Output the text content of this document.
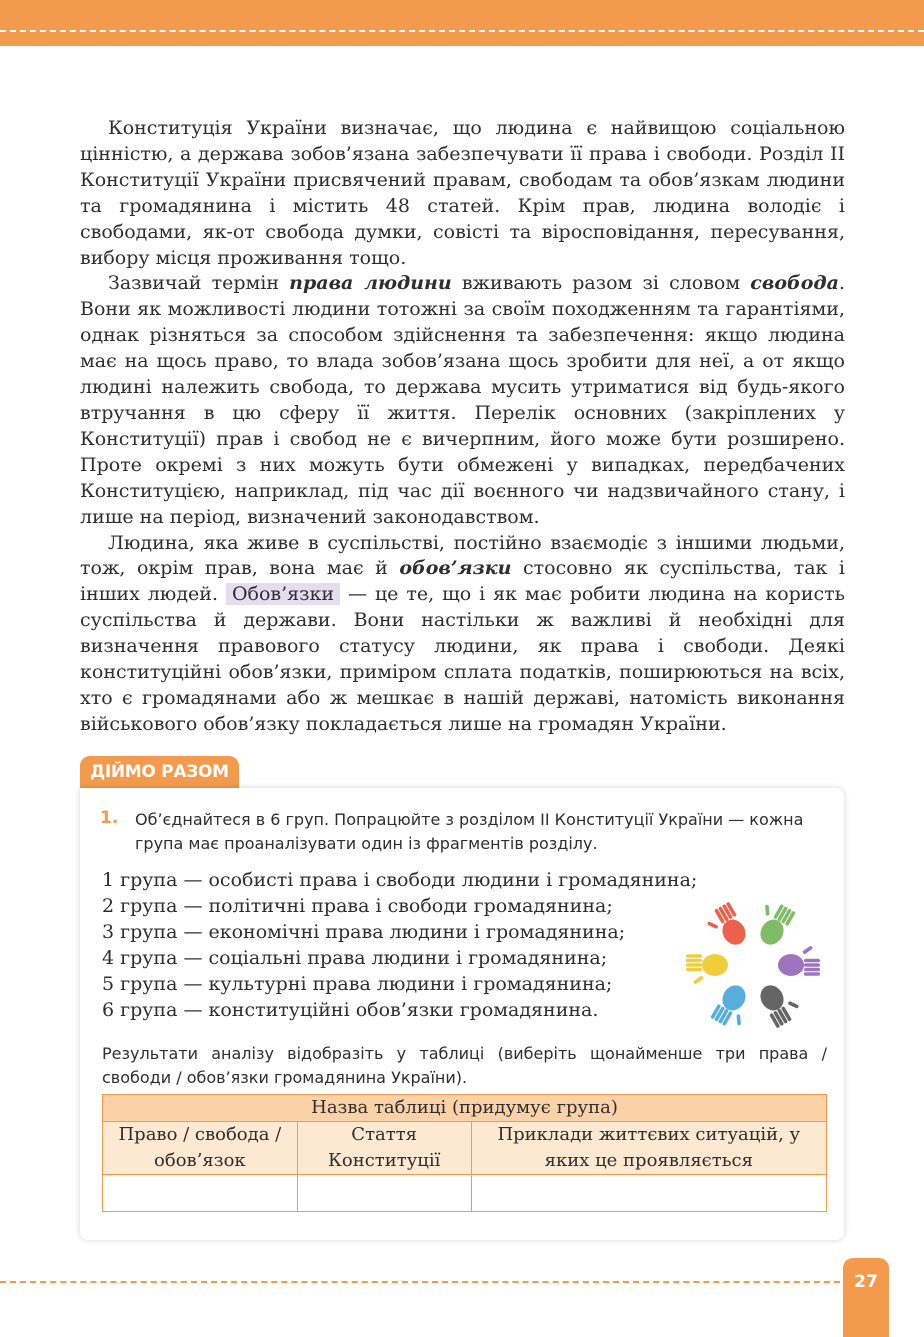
Конституція України визначає, що людина є найвищою соціальною цінністю, а держава зобов’язана забезпечувати її права і свободи. Розділ II Конституції України присвячений правам, свободам та обов’язкам людини та громадянина і містить 48 статей. Крім прав, людина володіє і свободами, як-от свобода думки, совісті та віросповідання, пересування, вибору місця проживання тощо.

Зазвичай термін права людини вживають разом зі словом свобода. Вони як можливості людини тотожні за своїм походженням та гарантіями, однак різняться за способом здійснення та забезпечення: якщо людина має на щось право, то влада зобов’язана щось зробити для неї, а от якщо людині належить свобода, то держава мусить утриматися від будь-якого втручання в цю сферу її життя. Перелік основних (закріплених у Конституції) прав і свобод не є вичерпним, його може бути розширено. Проте окремі з них можуть бути обмежені у випадках, передбачених Конституцією, наприклад, під час дії воєнного чи надзвичайного стану, і лише на період, визначений законодавством.

Людина, яка живе в суспільстві, постійно взаємодіє з іншими людьми, тож, окрім прав, вона має й обов’язки стосовно як суспільства, так і інших людей. Обов’язки — це те, що і як має робити людина на користь суспільства й держави. Вони настільки ж важливі й необхідні для визначення правового статусу людини, як права і свободи. Деякі конституційні обов’язки, приміром сплата податків, поширюються на всіх, хто є громадянами або ж мешкає в нашій державі, натомість виконання військового обов’язку покладається лише на громадян України.

ДІЙМО РАЗОМ
1. Об’єднайтеся в 6 груп. Попрацюйте з розділом II Конституції України — кожна група має проаналізувати один із фрагментів розділу.

1 група — особисті права і свободи людини і громадянина;
2 група — політичні права і свободи громадянина;
3 група — економічні права людини і громадянина;
4 група — соціальні права людини і громадянина;
5 група — культурні права людини і громадянина;
6 група — конституційні обов’язки громадянина.

Результати аналізу відобразіть у таблиці (виберіть щонайменше три права / свободи / обов’язки громадянина України).

Назва таблиці (придумує група)		
Право / свобода / обов’язок	Стаття Конституції	Приклади життєвих ситуацій, у яких це проявляється

27
